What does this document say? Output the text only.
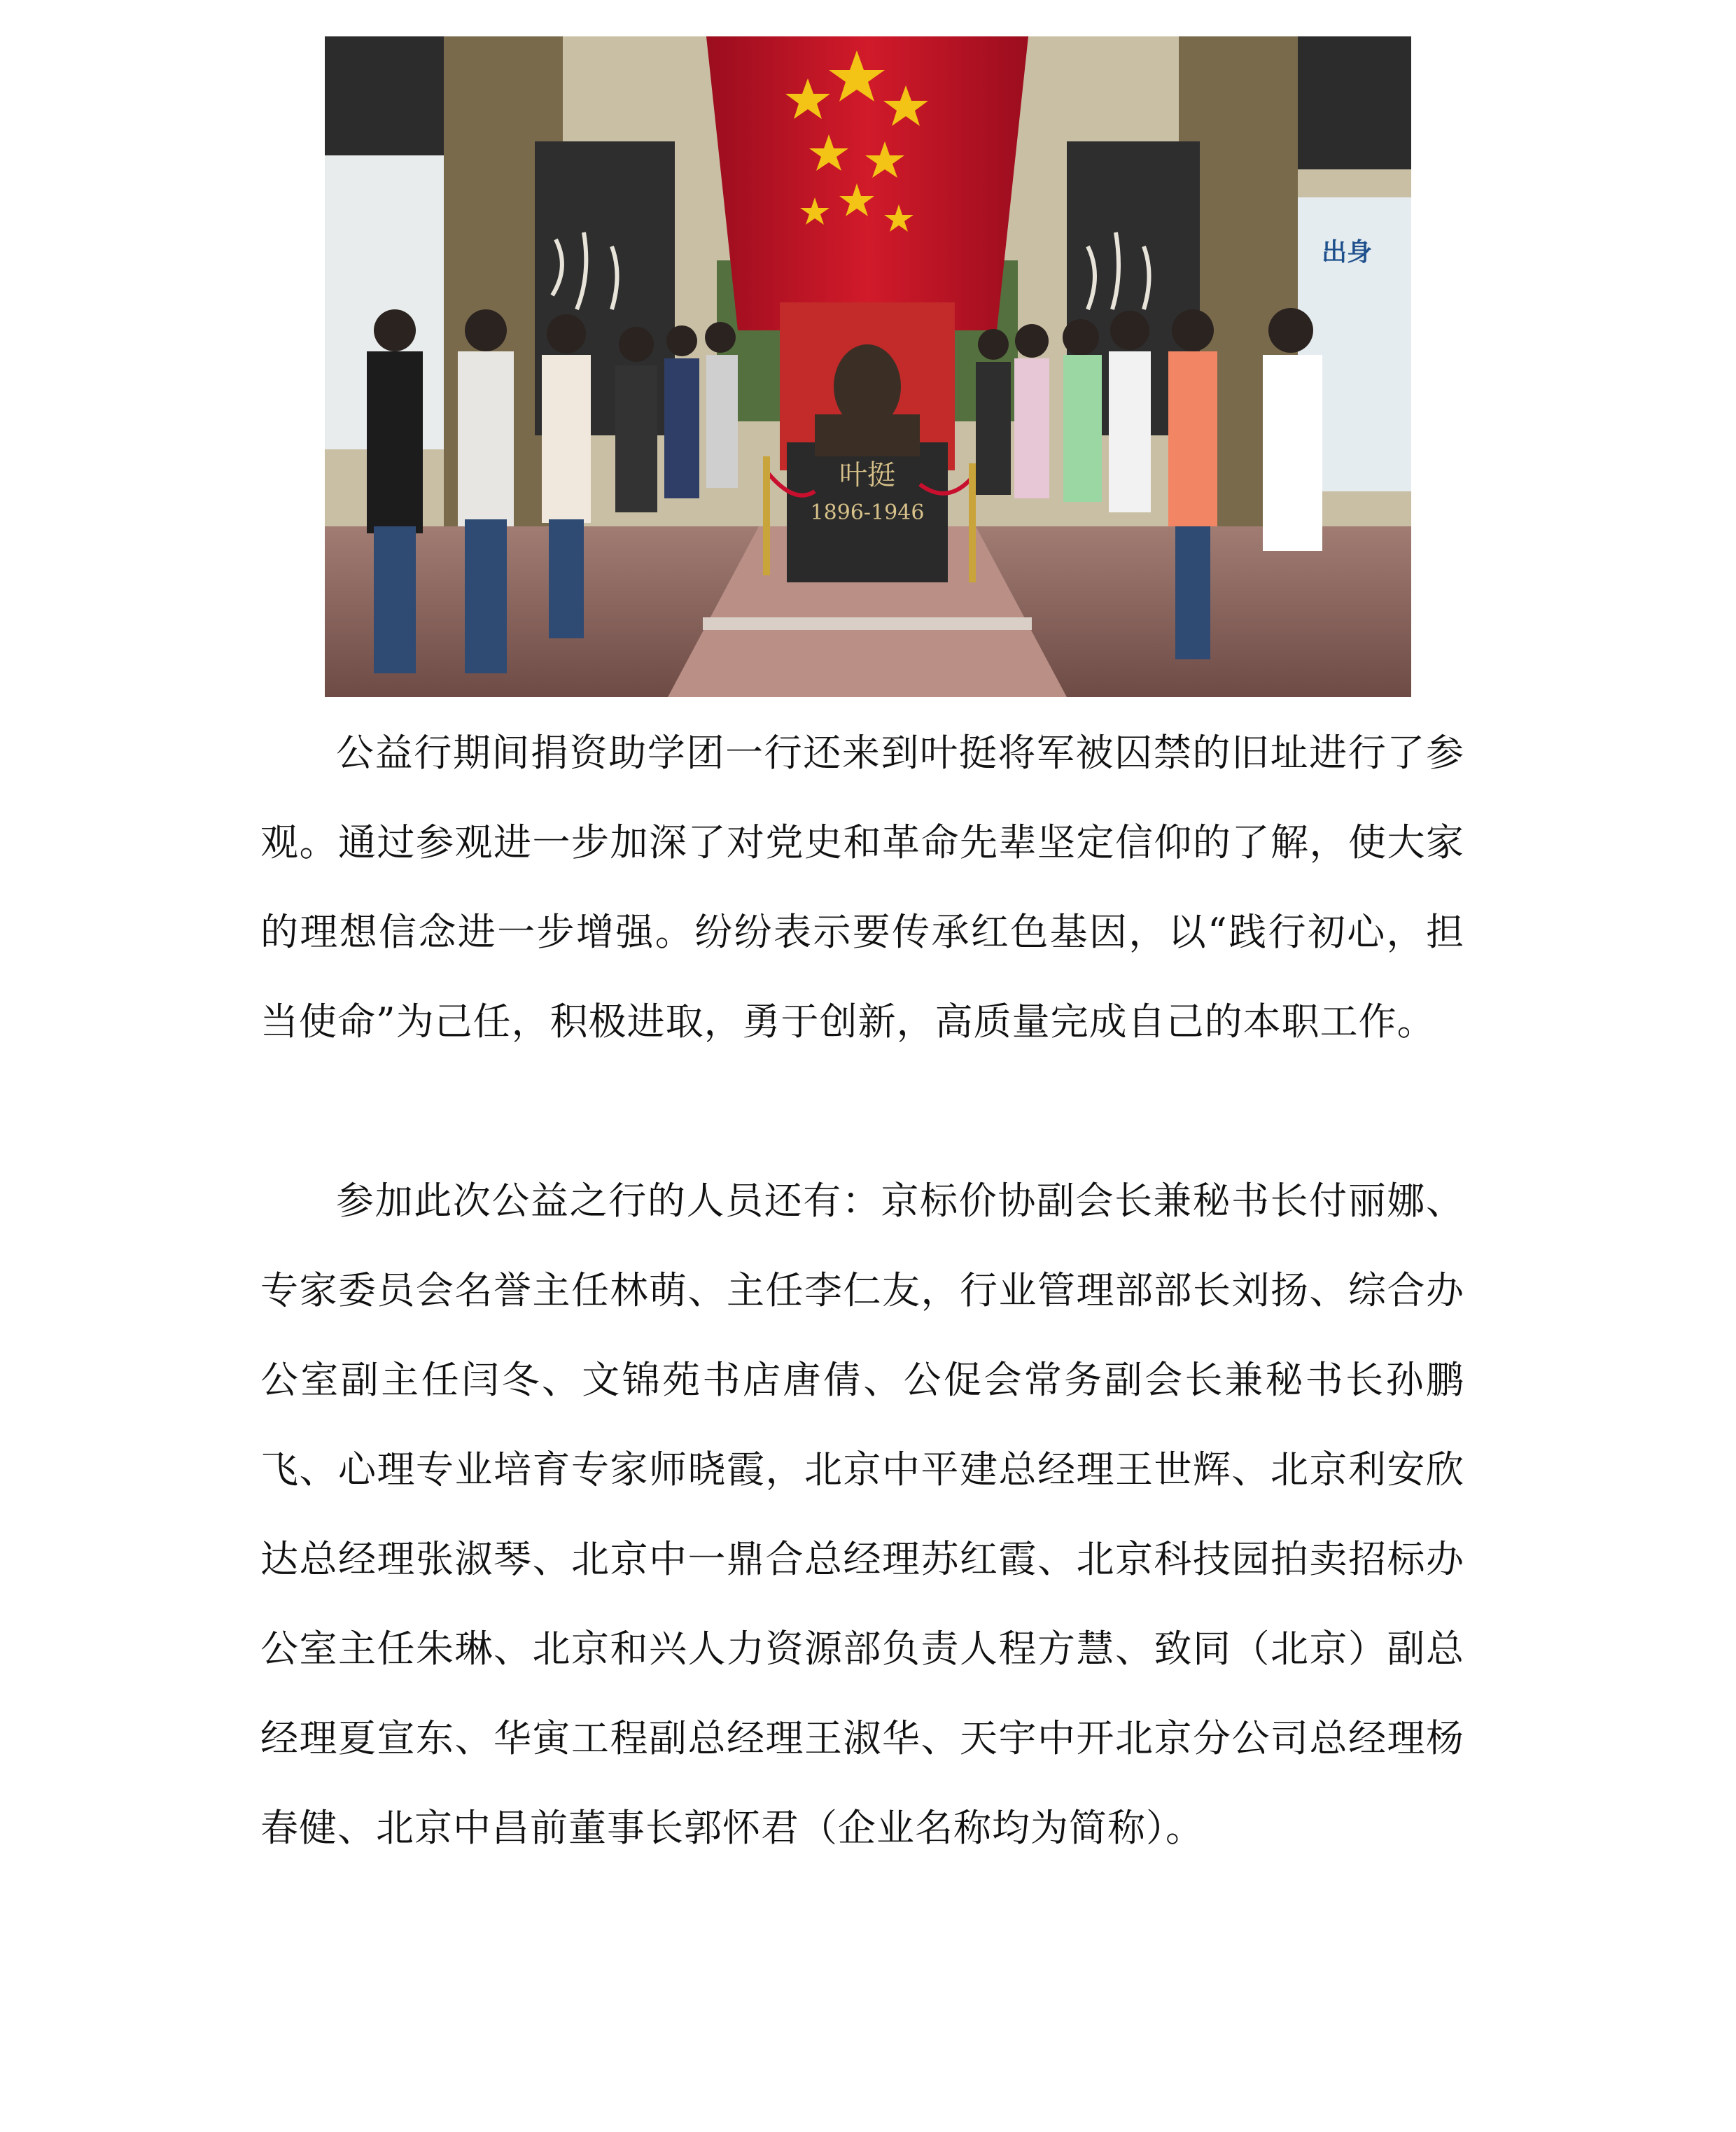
叶挺
1896-1946
出身

公益行期间捐资助学团一行还来到叶挺将军被囚禁的旧址进行了参观。通过参观进一步加深了对党史和革命先辈坚定信仰的了解，使大家的理想信念进一步增强。纷纷表示要传承红色基因，以“践行初心，担当使命”为己任，积极进取，勇于创新，高质量完成自己的本职工作。

参加此次公益之行的人员还有：京标价协副会长兼秘书长付丽娜、专家委员会名誉主任林萌、主任李仁友，行业管理部部长刘扬、综合办公室副主任闫冬、文锦苑书店唐倩、公促会常务副会长兼秘书长孙鹏飞、心理专业培育专家师晓霞，北京中平建总经理王世辉、北京利安欣达总经理张淑琴、北京中一鼎合总经理苏红霞、北京科技园拍卖招标办公室主任朱琳、北京和兴人力资源部负责人程方慧、致同（北京）副总经理夏宣东、华寅工程副总经理王淑华、天宇中开北京分公司总经理杨春健、北京中昌前董事长郭怀君（企业名称均为简称）。
